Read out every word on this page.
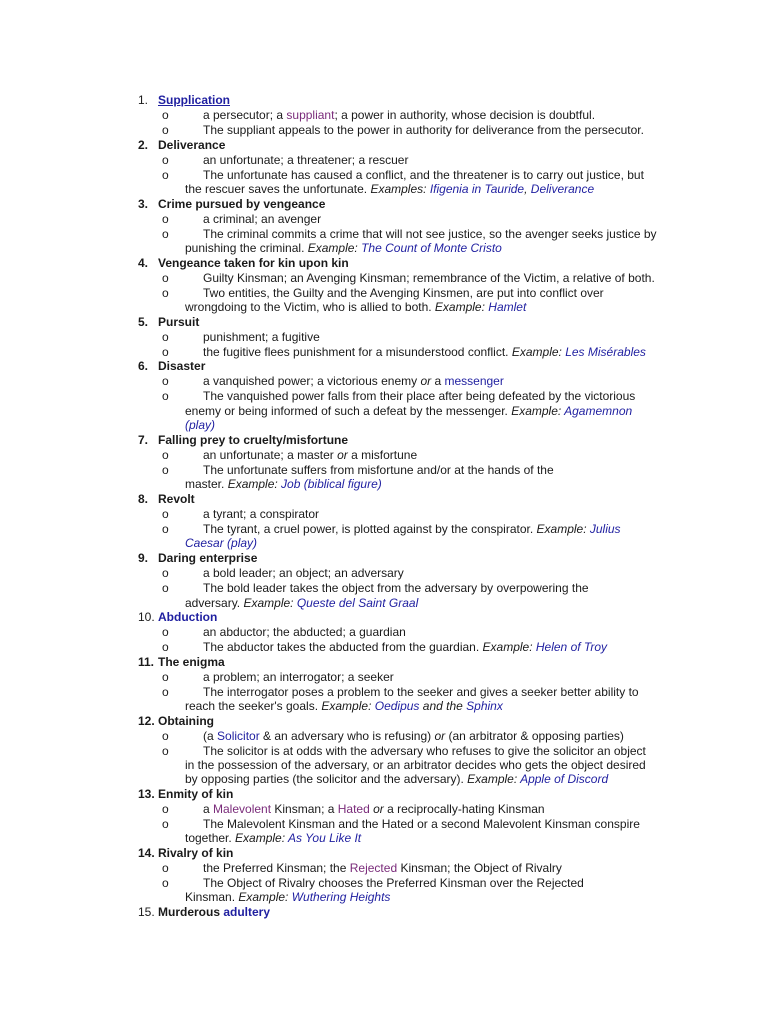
1. Supplication
o	a persecutor; a suppliant; a power in authority, whose decision is doubtful.
o	The suppliant appeals to the power in authority for deliverance from the persecutor.
2. Deliverance
o	an unfortunate; a threatener; a rescuer
o	The unfortunate has caused a conflict, and the threatener is to carry out justice, but
the rescuer saves the unfortunate. Examples: Ifigenia in Tauride, Deliverance
3. Crime pursued by vengeance
o	a criminal; an avenger
o	The criminal commits a crime that will not see justice, so the avenger seeks justice by
punishing the criminal. Example: The Count of Monte Cristo
4. Vengeance taken for kin upon kin
o	Guilty Kinsman; an Avenging Kinsman; remembrance of the Victim, a relative of both.
o	Two entities, the Guilty and the Avenging Kinsmen, are put into conflict over
wrongdoing to the Victim, who is allied to both. Example: Hamlet
5. Pursuit
o	punishment; a fugitive
o	the fugitive flees punishment for a misunderstood conflict. Example: Les Misérables
6. Disaster
o	a vanquished power; a victorious enemy or a messenger
o	The vanquished power falls from their place after being defeated by the victorious
enemy or being informed of such a defeat by the messenger. Example: Agamemnon
(play)
7. Falling prey to cruelty/misfortune
o	an unfortunate; a master or a misfortune
o	The unfortunate suffers from misfortune and/or at the hands of the
master. Example: Job (biblical figure)
8. Revolt
o	a tyrant; a conspirator
o	The tyrant, a cruel power, is plotted against by the conspirator. Example: Julius
Caesar (play)
9. Daring enterprise
o	a bold leader; an object; an adversary
o	The bold leader takes the object from the adversary by overpowering the
adversary. Example: Queste del Saint Graal
10. Abduction
o	an abductor; the abducted; a guardian
o	The abductor takes the abducted from the guardian. Example: Helen of Troy
11. The enigma
o	a problem; an interrogator; a seeker
o	The interrogator poses a problem to the seeker and gives a seeker better ability to
reach the seeker's goals. Example: Oedipus and the Sphinx
12. Obtaining
o	(a Solicitor & an adversary who is refusing) or (an arbitrator & opposing parties)
o	The solicitor is at odds with the adversary who refuses to give the solicitor an object
in the possession of the adversary, or an arbitrator decides who gets the object desired
by opposing parties (the solicitor and the adversary). Example: Apple of Discord
13. Enmity of kin
o	a Malevolent Kinsman; a Hated or a reciprocally-hating Kinsman
o	The Malevolent Kinsman and the Hated or a second Malevolent Kinsman conspire
together. Example: As You Like It
14. Rivalry of kin
o	the Preferred Kinsman; the Rejected Kinsman; the Object of Rivalry
o	The Object of Rivalry chooses the Preferred Kinsman over the Rejected
Kinsman. Example: Wuthering Heights
15. Murderous adultery
